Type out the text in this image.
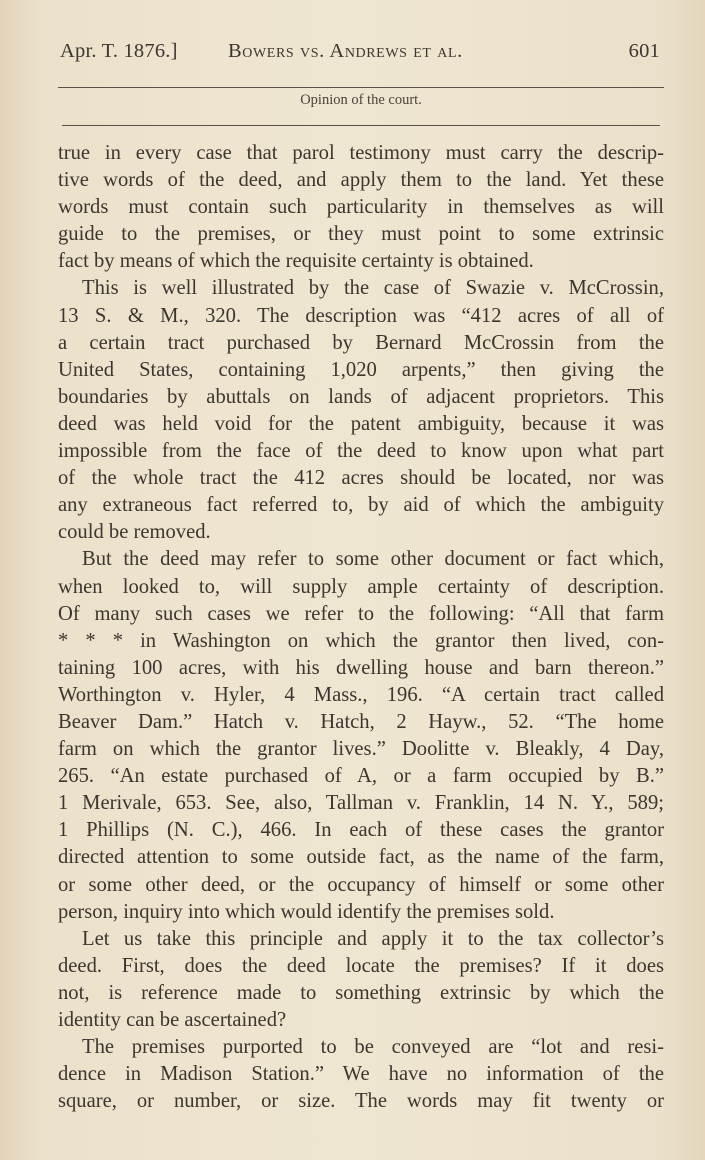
Apr. T. 1876.] Bowers vs. Andrews et al.	601
Opinion of the court.
true in every case that parol testimony must carry the descrip-
tive words of the deed, and apply them to the land. Yet these
words must contain such particularity in themselves as will
guide to the premises, or they must point to some extrinsic
fact by means of which the requisite certainty is obtained.
This is well illustrated by the case of Swazie v. McCrossin,
13 S. & M., 320. The description was “412 acres of all of
a certain tract purchased by Bernard McCrossin from the
United States, containing 1,020 arpents,” then giving the
boundaries by abuttals on lands of adjacent proprietors. This
deed was held void for the patent ambiguity, because it was
impossible from the face of the deed to know upon what part
of the whole tract the 412 acres should be located, nor was
any extraneous fact referred to, by aid of which the ambiguity
could be removed.
But the deed may refer to some other document or fact which,
when looked to, will supply ample certainty of description.
Of many such cases we refer to the following: “All that farm
* * * in Washington on which the grantor then lived, con-
taining 100 acres, with his dwelling house and barn thereon.”
Worthington v. Hyler, 4 Mass., 196. “A certain tract called
Beaver Dam.” Hatch v. Hatch, 2 Hayw., 52. “The home
farm on which the grantor lives.” Doolitte v. Bleakly, 4 Day,
265. “An estate purchased of A, or a farm occupied by B.”
1 Merivale, 653. See, also, Tallman v. Franklin, 14 N. Y., 589;
1 Phillips (N. C.), 466. In each of these cases the grantor
directed attention to some outside fact, as the name of the farm,
or some other deed, or the occupancy of himself or some other
person, inquiry into which would identify the premises sold.
Let us take this principle and apply it to the tax collector’s
deed. First, does the deed locate the premises? If it does
not, is reference made to something extrinsic by which the
identity can be ascertained?
The premises purported to be conveyed are “lot and resi-
dence in Madison Station.” We have no information of the
square, or number, or size. The words may fit twenty or
